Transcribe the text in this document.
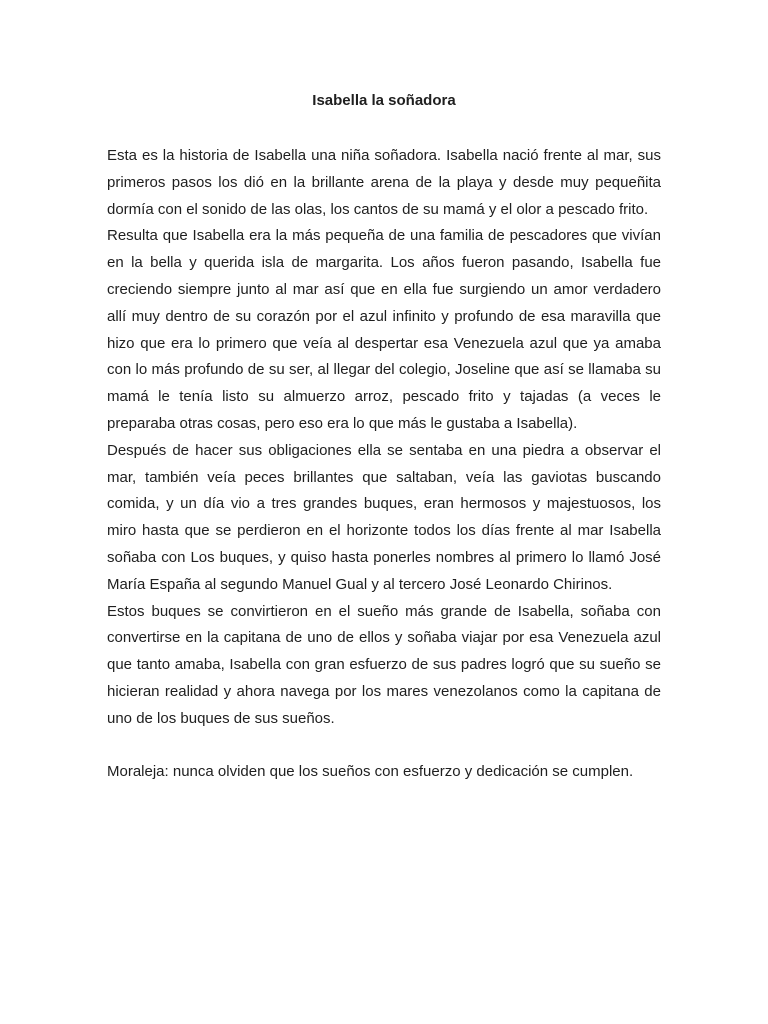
Isabella la soñadora

Esta es la historia de Isabella una niña soñadora. Isabella nació frente al mar, sus primeros pasos los dió en la brillante arena de la playa y desde muy pequeñita dormía con el sonido de las olas, los cantos de su mamá y el olor a pescado frito.

Resulta que Isabella era la más pequeña de una familia de pescadores que vivían en la bella y querida isla de margarita. Los años fueron pasando, Isabella fue creciendo siempre junto al mar así que en ella fue surgiendo un amor verdadero allí muy dentro de su corazón por el azul infinito y profundo de esa maravilla que hizo que era lo primero que veía al despertar esa Venezuela azul que ya amaba con lo más profundo de su ser, al llegar del colegio, Joseline que así se llamaba su mamá le tenía listo su almuerzo arroz, pescado frito y tajadas (a veces le preparaba otras cosas, pero eso era lo que más le gustaba a Isabella).

Después de hacer sus obligaciones ella se sentaba en una piedra a observar el mar, también veía peces brillantes que saltaban, veía las gaviotas buscando comida, y un día vio a tres grandes buques, eran hermosos y majestuosos, los miro hasta que se perdieron en el horizonte todos los días frente al mar Isabella soñaba con Los buques, y quiso hasta ponerles nombres al primero lo llamó José María España al segundo Manuel Gual y al tercero José Leonardo Chirinos.

Estos buques se convirtieron en el sueño más grande de Isabella, soñaba con convertirse en la capitana de uno de ellos y soñaba viajar por esa Venezuela azul que tanto amaba, Isabella con gran esfuerzo de sus padres logró que su sueño se hicieran realidad y ahora navega por los mares venezolanos como la capitana de uno de los buques de sus sueños.

Moraleja: nunca olviden que los sueños con esfuerzo y dedicación se cumplen.
